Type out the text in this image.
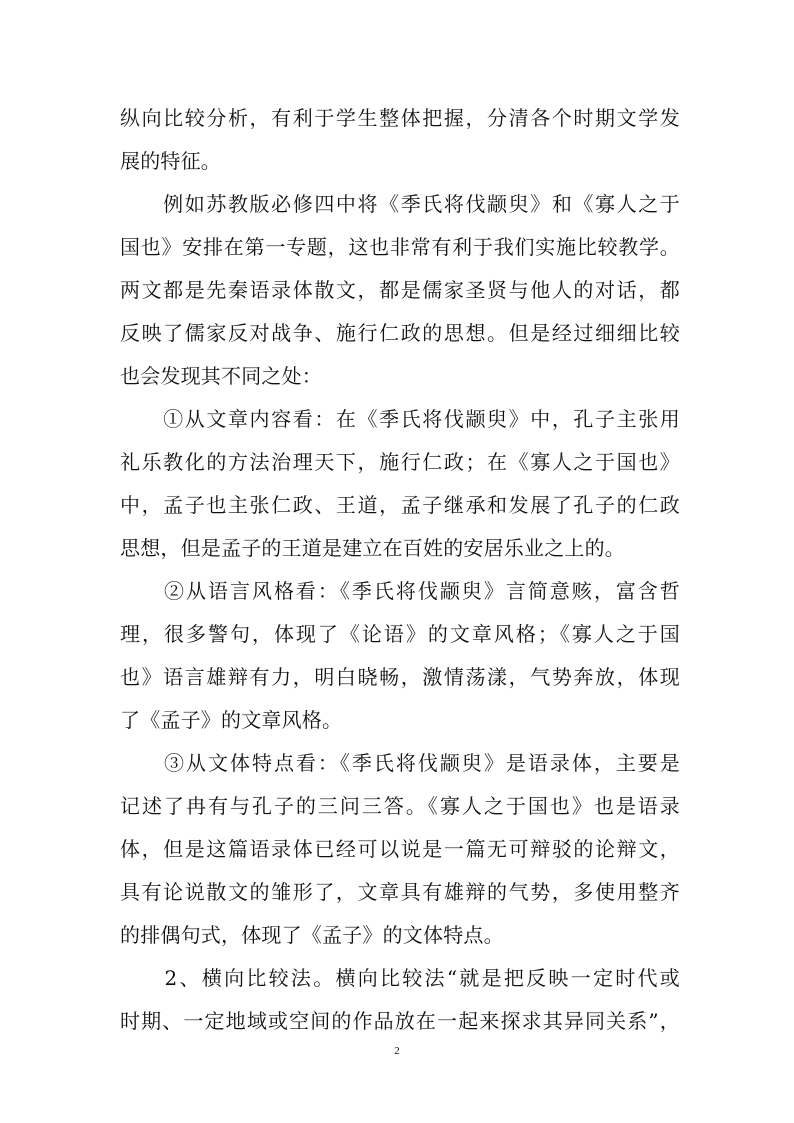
纵向比较分析，有利于学生整体把握，分清各个时期文学发
展的特征。
　　例如苏教版必修四中将《季氏将伐颛臾》和《寡人之于
国也》安排在第一专题，这也非常有利于我们实施比较教学。
两文都是先秦语录体散文，都是儒家圣贤与他人的对话，都
反映了儒家反对战争、施行仁政的思想。但是经过细细比较
也会发现其不同之处：
　　①从文章内容看：在《季氏将伐颛臾》中，孔子主张用
礼乐教化的方法治理天下，施行仁政；在《寡人之于国也》
中，孟子也主张仁政、王道，孟子继承和发展了孔子的仁政
思想，但是孟子的王道是建立在百姓的安居乐业之上的。
　　②从语言风格看：《季氏将伐颛臾》言简意赅，富含哲
理，很多警句，体现了《论语》的文章风格；《寡人之于国
也》语言雄辩有力，明白晓畅，激情荡漾，气势奔放，体现
了《孟子》的文章风格。
　　③从文体特点看：《季氏将伐颛臾》是语录体，主要是
记述了冉有与孔子的三问三答。《寡人之于国也》也是语录
体，但是这篇语录体已经可以说是一篇无可辩驳的论辩文，
具有论说散文的雏形了，文章具有雄辩的气势，多使用整齐
的排偶句式，体现了《孟子》的文体特点。
　　2、横向比较法。横向比较法“就是把反映一定时代或
时期、一定地域或空间的作品放在一起来探求其异同关系”，
2
